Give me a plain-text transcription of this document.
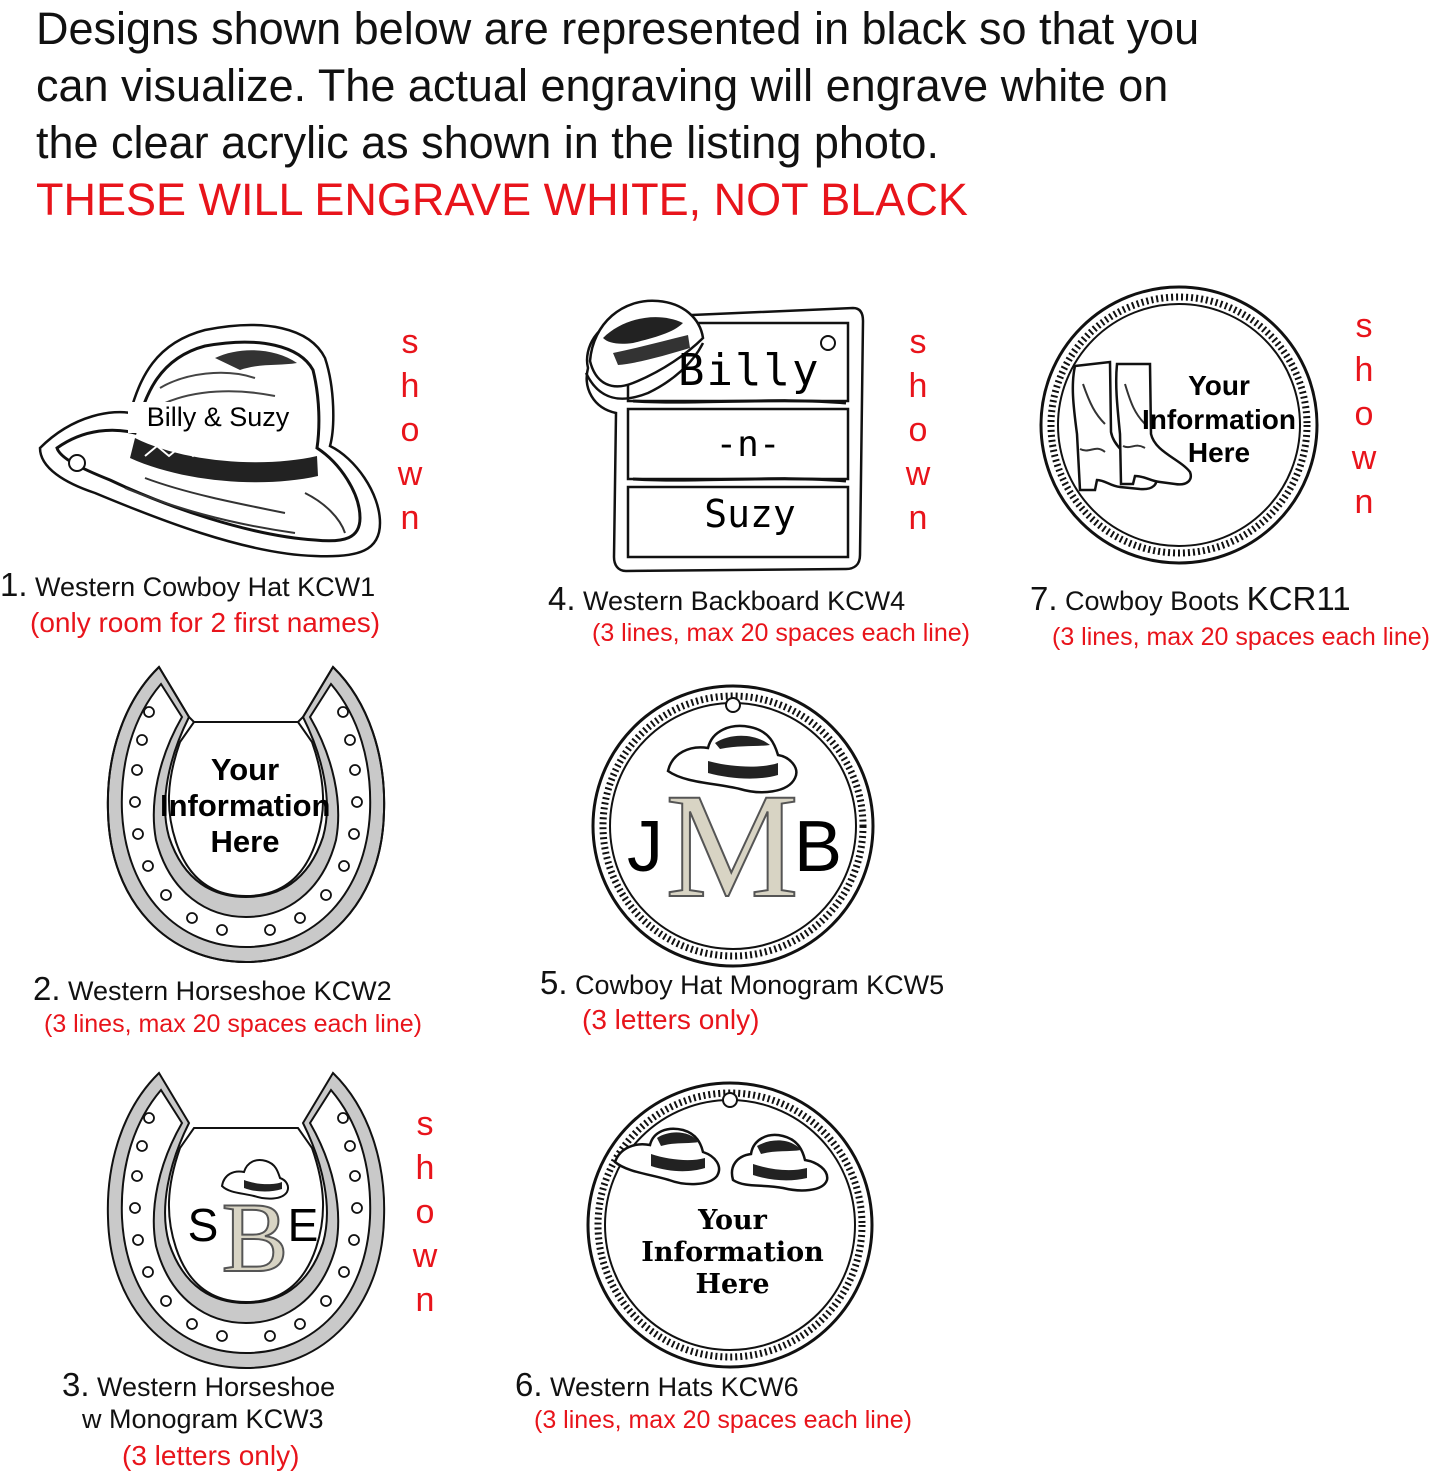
Designs shown below are represented in black so that you
can visualize. The actual engraving will engrave white on
the clear acrylic as shown in the listing photo.
THESE WILL ENGRAVE WHITE, NOT BLACK
Billy & Suzy
s
h
o
w
n
1. Western Cowboy Hat KCW1
(only room for 2 first names)
Billy
-n-
Suzy
s
h
o
w
n
4. Western Backboard KCW4
(3 lines, max 20 spaces each line)
Your
Information
Here
s
h
o
w
n
7. Cowboy Boots KCR11
(3 lines, max 20 spaces each line)
Your
Information
Here
2. Western Horseshoe KCW2
(3 lines, max 20 spaces each line)
M
J B
5. Cowboy Hat Monogram KCW5
(3 letters only)
B
S E
s
h
o
w
n
3. Western Horseshoe
w Monogram KCW3
(3 letters only)
Your
Information
Here
6. Western Hats KCW6
(3 lines, max 20 spaces each line)
